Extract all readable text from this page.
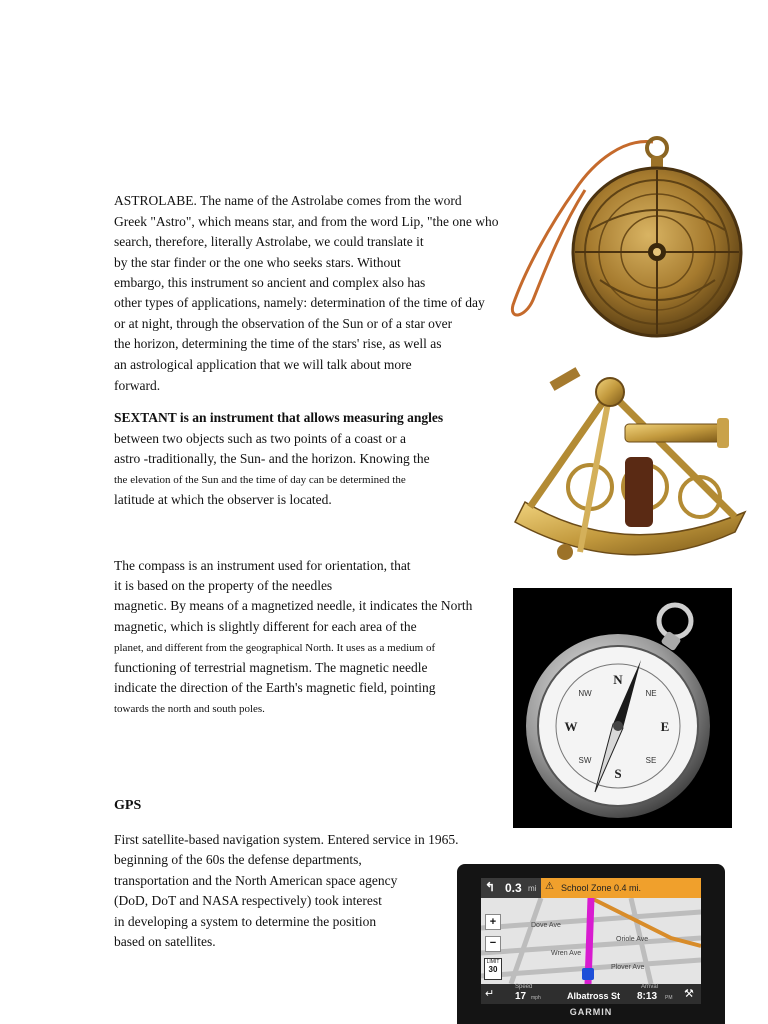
ASTROLABE. The name of the Astrolabe comes from the word
Greek "Astro", which means star, and from the word Lip, "the one who
search, therefore, literally Astrolabe, we could translate it
by the star finder or the one who seeks stars. Without
embargo, this instrument so ancient and complex also has
other types of applications, namely: determination of the time of day
or at night, through the observation of the Sun or of a star over
the horizon, determining the time of the stars' rise, as well as
an astrological application that we will talk about more
forward.
SEXTANT is an instrument that allows measuring angles
between two objects such as two points of a coast or a
astro -traditionally, the Sun- and the horizon. Knowing the
the elevation of the Sun and the time of day can be determined the
latitude at which the observer is located.
The compass is an instrument used for orientation, that
it is based on the property of the needles
magnetic. By means of a magnetized needle, it indicates the North
magnetic, which is slightly different for each area of the
planet, and different from the geographical North. It uses as a medium of
functioning of terrestrial magnetism. The magnetic needle
indicate the direction of the Earth's magnetic field, pointing
towards the north and south poles.
GPS
First satellite-based navigation system. Entered service in 1965.
beginning of the 60s the defense departments,
transportation and the North American space agency
(DoD, DoT and NASA respectively) took interest
in developing a system to determine the position
based on satellites.
N
S
E
W
NE
SE
SW
NW
↰ 0.3 mi ⚠ School Zone 0.4 mi.
Dove Ave
Oriole Ave
Wren Ave
Plover Ave
+
−
LIMIT
30
↵
Speed
17 mph	Albatross St
Arrival
8:13 PM ⚒
GARMIN
